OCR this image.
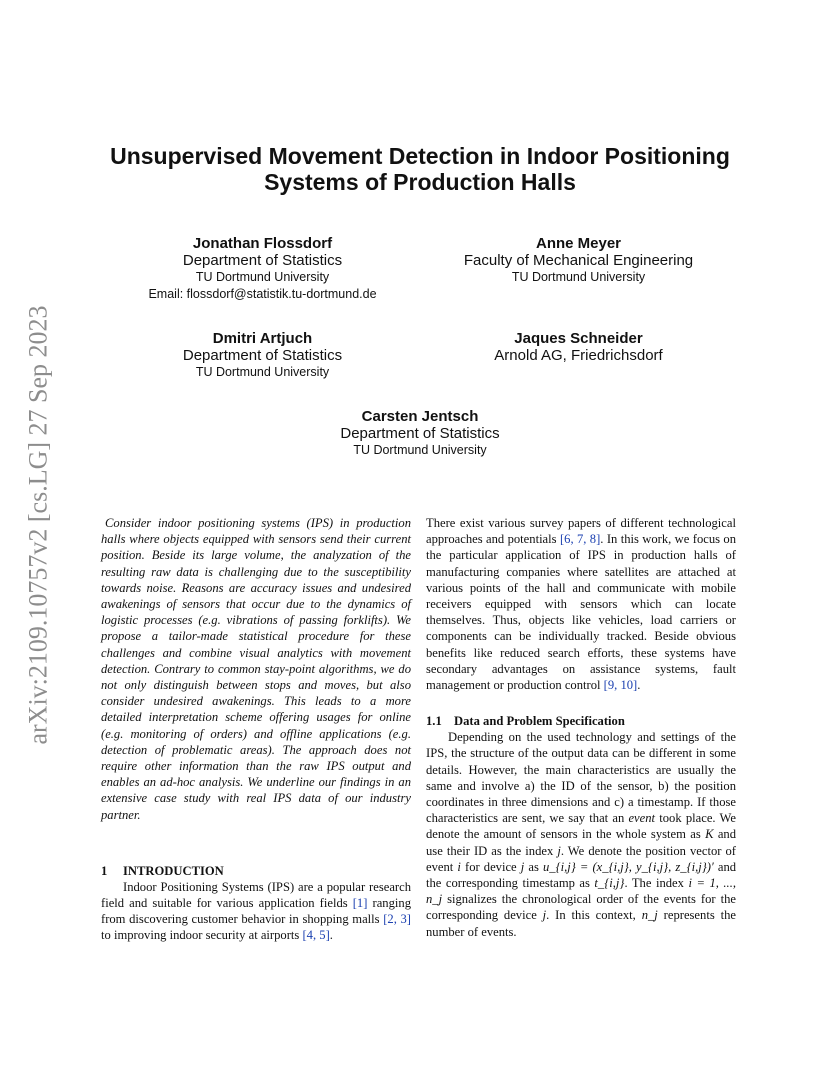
arXiv:2109.10757v2 [cs.LG] 27 Sep 2023
Unsupervised Movement Detection in Indoor Positioning Systems of Production Halls
Jonathan Flossdorf
Department of Statistics
TU Dortmund University
Email: flossdorf@statistik.tu-dortmund.de
Anne Meyer
Faculty of Mechanical Engineering
TU Dortmund University
Dmitri Artjuch
Department of Statistics
TU Dortmund University
Jaques Schneider
Arnold AG, Friedrichsdorf
Carsten Jentsch
Department of Statistics
TU Dortmund University

Consider indoor positioning systems (IPS) in production halls where objects equipped with sensors send their current position. Beside its large volume, the analyzation of the resulting raw data is challenging due to the susceptibility towards noise. Reasons are accuracy issues and undesired awakenings of sensors that occur due to the dynamics of logistic processes (e.g. vibrations of passing forklifts). We propose a tailor-made statistical procedure for these challenges and combine visual analytics with movement detection. Contrary to common stay-point algorithms, we do not only distinguish between stops and moves, but also consider undesired awakenings. This leads to a more detailed interpretation scheme offering usages for online (e.g. monitoring of orders) and offline applications (e.g. detection of problematic areas). The approach does not require other information than the raw IPS output and enables an ad-hoc analysis. We underline our findings in an extensive case study with real IPS data of our industry partner.

1 INTRODUCTION

Indoor Positioning Systems (IPS) are a popular research field and suitable for various application fields [1] ranging from discovering customer behavior in shopping malls [2, 3] to improving indoor security at airports [4, 5].

There exist various survey papers of different technological approaches and potentials [6, 7, 8]. In this work, we focus on the particular application of IPS in production halls of manufacturing companies where satellites are attached at various points of the hall and communicate with mobile receivers equipped with sensors which can locate themselves. Thus, objects like vehicles, load carriers or components can be individually tracked. Beside obvious benefits like reduced search efforts, these systems have secondary advantages on assistance systems, fault management or production control [9, 10].

1.1 Data and Problem Specification

Depending on the used technology and settings of the IPS, the structure of the output data can be different in some details. However, the main characteristics are usually the same and involve a) the ID of the sensor, b) the position coordinates in three dimensions and c) a timestamp. If those characteristics are sent, we say that an event took place. We denote the amount of sensors in the whole system as K and use their ID as the index j. We denote the position vector of event i for device j as u_{i,j} = (x_{i,j}, y_{i,j}, z_{i,j})′ and the corresponding timestamp as t_{i,j}. The index i = 1, ..., n_j signalizes the chronological order of the events for the corresponding device j. In this context, n_j represents the number of events.
